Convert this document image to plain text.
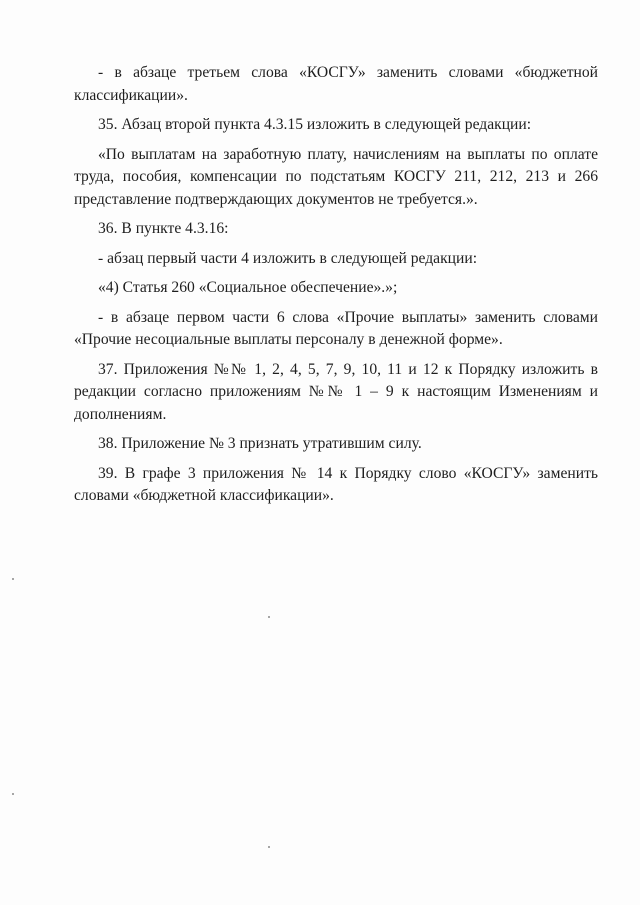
- в абзаце третьем слова «КОСГУ» заменить словами «бюджетной классификации».

35. Абзац второй пункта 4.3.15 изложить в следующей редакции:

«По выплатам на заработную плату, начислениям на выплаты по оплате труда, пособия, компенсации по подстатьям КОСГУ 211, 212, 213 и 266 представление подтверждающих документов не требуется.».

36. В пункте 4.3.16:

- абзац первый части 4 изложить в следующей редакции:

«4) Статья 260 «Социальное обеспечение».»;

- в абзаце первом части 6 слова «Прочие выплаты» заменить словами «Прочие несоциальные выплаты персоналу в денежной форме».

37. Приложения №№ 1, 2, 4, 5, 7, 9, 10, 11 и 12 к Порядку изложить в редакции согласно приложениям №№ 1 – 9 к настоящим Изменениям и дополнениям.

38. Приложение № 3 признать утратившим силу.

39. В графе 3 приложения № 14 к Порядку слово «КОСГУ» заменить словами «бюджетной классификации».
